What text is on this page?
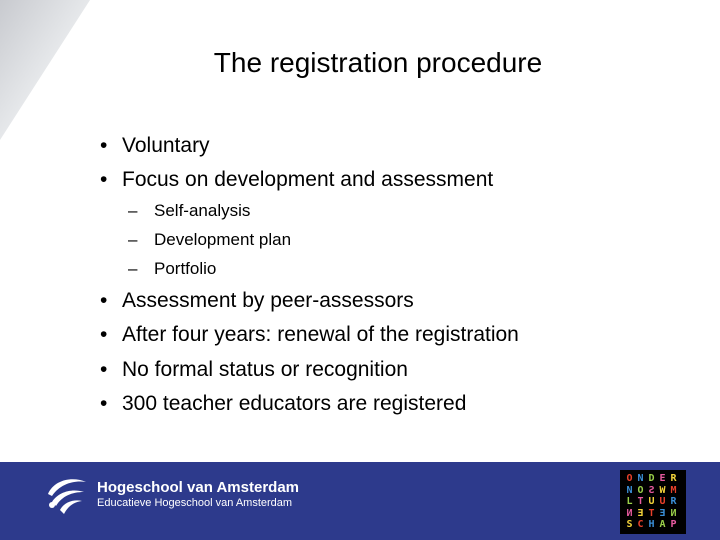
The registration procedure
• Voluntary
• Focus on development and assessment
– Self-analysis
– Development plan
– Portfolio
• Assessment by peer-assessors
• After four years: renewal of the registration
• No formal status or recognition
• 300 teacher educators are registered
Hogeschool van Amsterdam
Educatieve Hogeschool van Amsterdam
O N D E R
N O S W M
L T U U R
N E T E N
S C H A P
